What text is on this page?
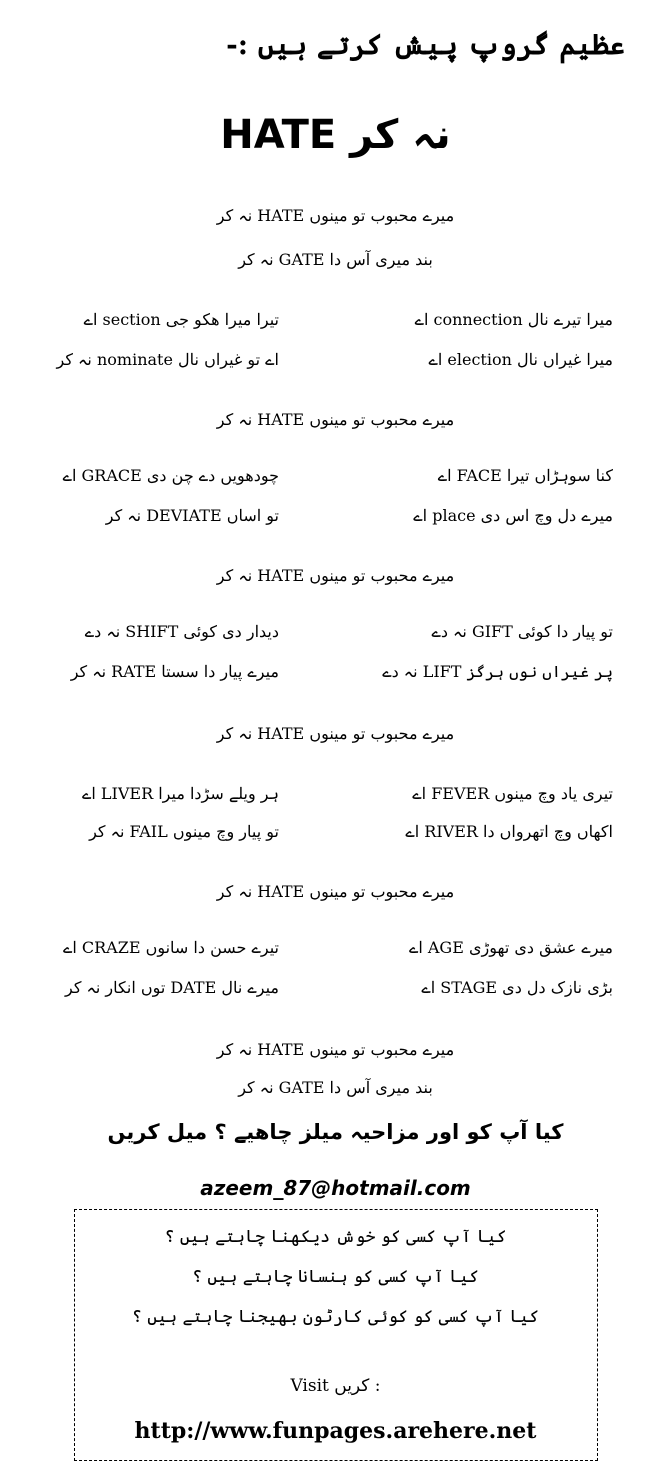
عظیم گروپ پیش کرتے ہیں :-
HATE نہ کر
میرے محبوب تو مینوں HATE نہ کر
بند میری آس دا GATE نہ کر
میرا تیرے نال connection اے
تیرا میرا ھکو جی section اے
میرا غیراں نال election اے
اے تو غیراں نال nominate نہ کر
میرے محبوب تو مینوں HATE نہ کر
کنا سوہڑاں تیرا FACE اے
چودھویں دے چن دی GRACE اے
میرے دل وچ اس دی place اے
تو اساں DEVIATE نہ کر
میرے محبوب تو مینوں HATE نہ کر
تو پیار دا کوئی GIFT نہ دے
دیدار دی کوئی SHIFT نہ دے
پر غیراں نوں ہرگز LIFT نہ دے
میرے پیار دا سستا RATE نہ کر
میرے محبوب تو مینوں HATE نہ کر
تیری یاد وچ مینوں FEVER اے
ہر ویلے سڑدا میرا LIVER اے
اکھاں وچ اتھرواں دا RIVER اے
تو پیار وچ مینوں FAIL نہ کر
میرے محبوب تو مینوں HATE نہ کر
میرے عشق دی تھوڑی AGE اے
تیرے حسن دا سانوں CRAZE اے
بڑی نازک دل دی STAGE اے
میرے نال DATE توں انکار نہ کر
میرے محبوب تو مینوں HATE نہ کر
بند میری آس دا GATE نہ کر
کیا آپ کو اور مزاحیہ میلز چاھیے ؟ میل کریں
azeem_87@hotmail.com
کیا آپ کسی کو خوش دیکھنا چاہتے ہیں ؟
کیا آپ کسی کو ہنسانا چاہتے ہیں ؟
کیا آپ کسی کو کوئی کارٹون بھیجنا چاہتے ہیں ؟
Visit کریں :
http://www.funpages.arehere.net
